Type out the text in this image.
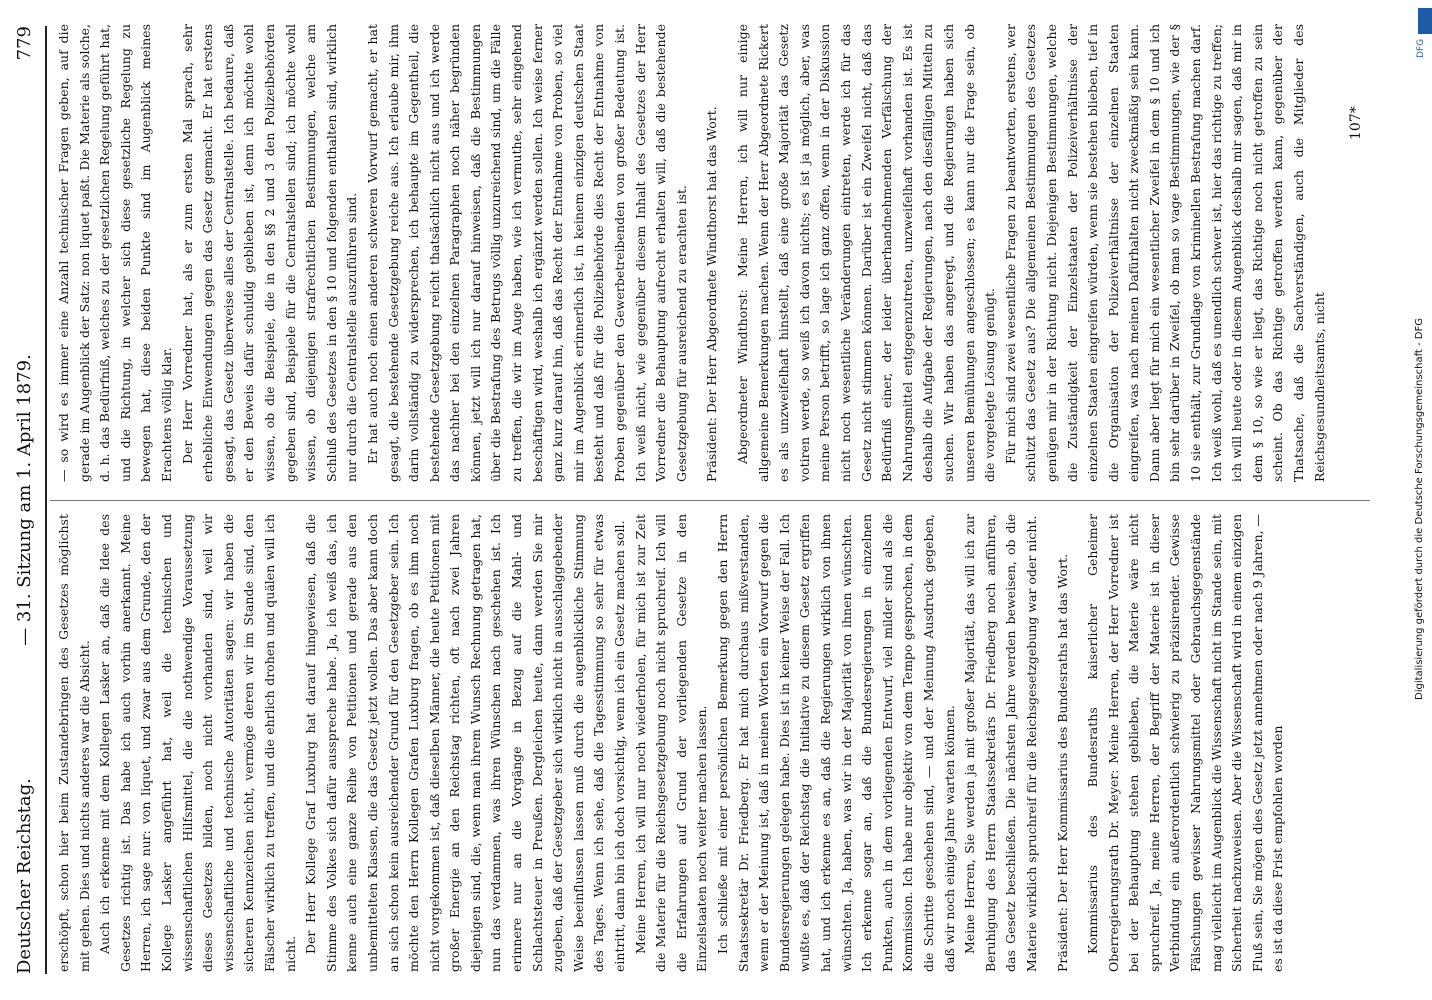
Deutscher Reichstag.
— 31. Sitzung am 1. April 1879.
779

erschöpft, schon hier beim Zustandebringen des Gesetzes möglichst mit gehen. Dies und nichts anderes war die Absicht. Auch ich erkenne mit dem Kollegen Lasker an, daß die Idee des Gesetzes richtig ist. Das habe ich auch vorhin anerkannt. Meine Herren, ich sage nur: von liquet, und zwar aus dem Grunde, den der Kollege Lasker angeführt hat, weil die technischen und wissenschaftlichen Hilfsmittel, die die nothwendige Voraussetzung dieses Gesetzes bilden, noch nicht vorhanden sind, weil wir wissenschaftliche und technische Autoritäten sagen: wir haben die sicheren Kennzeichen nicht, vermöge deren wir im Stande sind, den Fälscher wirklich zu treffen, und die ehrlich drohen und quälen will ich nicht. Der Herr Kollege Graf Luxburg hat darauf hingewiesen, daß die Stimme des Volkes sich dafür ausspreche habe. Ja, ich weiß das, ich kenne auch eine ganze Reihe von Petitionen und gerade aus den unbemittelten Klassen, die das Gesetz jetzt wollen. Das aber kann doch an sich schon kein ausreichender Grund für den Gesetzgeber sein. Ich möchte den Herrn Kollegen Grafen Luxburg fragen, ob es ihm noch nicht vorgekommen ist, daß dieselben Männer, die heute Petitionen mit großer Energie an den Reichstag richten, oft nach zwei Jahren diejenigen sind, die, wenn man ihrem Wunsch Rechnung getragen hat, nun das verdammen, was ihren Wünschen nach geschehen ist. Ich erinnere nur an die Vorgänge in Bezug auf die Mahl- und Schlachtsteuer in Preußen. Dergleichen heute, dann werden Sie mir zugeben, daß der Gesetzgeber sich wirklich nicht in ausschlaggebender Weise beeinflussen lassen muß durch die augenblickliche Stimmung des Tages. Wenn ich sehe, daß die Tagesstimmung so sehr für etwas eintritt, dann bin ich doch vorsichtig, wenn ich ein Gesetz machen soll. Meine Herren, ich will nur noch wiederholen, für mich ist zur Zeit die Materie für die Reichsgesetzgebung noch nicht spruchreif. Ich will die Erfahrungen auf Grund der vorliegenden Gesetze in den Einzelstaaten noch weiter machen lassen. Ich schließe mit einer persönlichen Bemerkung gegen den Herrn Staatssekretär Dr. Friedberg. Er hat mich durchaus mißverstanden, wenn er der Meinung ist, daß in meinen Worten ein Vorwurf gegen die Bundesregierungen gelegen habe. Dies ist in keiner Weise der Fall. Ich wußte es, daß der Reichstag die Initiative zu diesem Gesetz ergriffen hat, und ich erkenne es an, daß die Regierungen wirklich von ihnen wünschten. Ja, haben, was wir in der Majorität von ihnen wünschten. Ich erkenne sogar an, daß die Bundesregierungen in einzelnen Punkten, auch in dem vorliegenden Entwurf, viel milder sind als die Kommission. Ich habe nur objektiv von dem Tempo gesprochen, in dem die Schritte geschehen sind, — und der Meinung Ausdruck gegeben, daß wir noch einige Jahre warten können. Meine Herren, Sie werden ja mit großer Majorität, das will ich zur Beruhigung des Herrn Staatssekretärs Dr. Friedberg noch anführen, das Gesetz beschließen. Die nächsten Jahre werden beweisen, ob die Materie wirklich spruchreif für die Reichsgesetzgebung war oder nicht. Präsident: Der Herr Kommissarius des Bundesraths hat das Wort. Kommissarius des Bundesraths kaiserlicher Geheimer Oberregierungsrath Dr. Meyer: Meine Herren, der Herr Vorredner ist bei der Behauptung stehen geblieben, die Materie wäre nicht spruchreif. Ja, meine Herren, der Begriff der Materie ist in dieser Verbindung ein außerordentlich schwierig zu präzisirender. Gewisse Fälschungen gewisser Nahrungsmittel oder Gebrauchsgegenstände mag vielleicht im Augenblick die Wissenschaft nicht im Stande sein, mit Sicherheit nachzuweisen. Aber die Wissenschaft wird in einem einzigen Fluß sein, Sie mögen dies Gesetz jetzt annehmen oder nach 9 Jahren, — es ist da diese Frist empfohlen worden

— so wird es immer eine Anzahl technischer Fragen geben, auf die gerade im Augenblick der Satz: non liquet paßt. Die Materie als solche, d. h. das Bedürfniß, welches zu der gesetzlichen Regelung geführt hat, und die Richtung, in welcher sich diese gesetzliche Regelung zu bewegen hat, diese beiden Punkte sind im Augenblick meines Erachtens völlig klar. Der Herr Vorredner hat, als er zum ersten Mal sprach, sehr erhebliche Einwendungen gegen das Gesetz gemacht. Er hat erstens gesagt, das Gesetz überweise alles der Centralstelle. Ich bedaure, daß er den Beweis dafür schuldig geblieben ist, denn ich möchte wohl wissen, ob die Beispiele, die in den §§ 2 und 3 den Polizeibehörden gegeben sind, Beispiele für die Centralstellen sind; ich möchte wohl wissen, ob diejenigen strafrechtlichen Bestimmungen, welche am Schluß des Gesetzes in den § 10 und folgenden enthalten sind, wirklich nur durch die Centralstelle auszuführen sind. Er hat auch noch einen anderen schweren Vorwurf gemacht, er hat gesagt, die bestehende Gesetzgebung reiche aus. Ich erlaube mir, ihm darin vollständig zu widersprechen, ich behaupte im Gegentheil, die bestehende Gesetzgebung reicht thatsächlich nicht aus und ich werde das nachher bei den einzelnen Paragraphen noch näher begründen können, jetzt will ich nur darauf hinweisen, daß die Bestimmungen über die Bestrafung des Betrugs völlig unzureichend sind, um die Fälle zu treffen, die wir im Auge haben, wie ich vermuthe, sehr eingehend beschäftigen wird, weshalb ich ergänzt werden sollen. Ich weise ferner ganz kurz darauf hin, daß das Recht der Entnahme von Proben, so viel mir im Augenblick erinnerlich ist, in keinem einzigen deutschen Staat besteht und daß für die Polizeibehörde dies Recht der Entnahme von Proben gegenüber den Gewerbetreibenden von großer Bedeutung ist. Ich weiß nicht, wie gegenüber diesem Inhalt des Gesetzes der Herr Vorredner die Behauptung aufrecht erhalten will, daß die bestehende Gesetzgebung für ausreichend zu erachten ist. Präsident: Der Herr Abgeordnete Windthorst hat das Wort. Abgeordneter Windthorst: Meine Herren, ich will nur einige allgemeine Bemerkungen machen. Wenn der Herr Abgeordnete Rickert es als unzweifelhaft hinstellt, daß eine große Majorität das Gesetz votiren werde, so weiß ich davon nichts; es ist ja möglich, aber, was meine Person betrifft, so lage ich ganz offen, wenn in der Diskussion nicht noch wesentliche Veränderungen eintreten, werde ich für das Gesetz nicht stimmen können. Darüber ist ein Zweifel nicht, daß das Bedürfniß einer, der leider überhandnehmenden Verfälschung der Nahrungsmittel entgegenzutreten, unzweifelhaft vorhanden ist. Es ist deshalb die Aufgabe der Regierungen, nach den diesfälligen Mitteln zu suchen. Wir haben das angeregt, und die Regierungen haben sich unseren Bemühungen angeschlossen; es kann nur die Frage sein, ob die vorgelegte Lösung genügt. Für mich sind zwei wesentliche Fragen zu beantworten, erstens, wer schützt das Gesetz aus? Die allgemeinen Bestimmungen des Gesetzes genügen mir in der Richtung nicht. Diejenigen Bestimmungen, welche die Zuständigkeit der Einzelstaaten der Polizeiverhältnisse der einzelnen Staaten eingreifen würden, wenn sie bestehen blieben, tief in die Organisation der Polizeiverhältnisse der einzelnen Staaten eingreifen, was nach meinen Dafürhalten nicht zweckmäßig sein kann. Dann aber liegt für mich ein wesentlicher Zweifel in dem § 10 und ich bin sehr darüber in Zweifel, ob man so vage Bestimmungen, wie der § 10 sie enthält, zur Grundlage von kriminellen Bestrafung machen darf. Ich weiß wohl, daß es unendlich schwer ist, hier das richtige zu treffen; ich will heute oder in diesem Augenblick deshalb mir sagen, daß mir in dem § 10, so wie er liegt, das Richtige noch nicht getroffen zu sein scheint. Ob das Richtige getroffen werden kann, gegenüber der Thatsache, daß die Sachverständigen, auch die Mitglieder des Reichsgesundheitsamts, nicht

107*
DFG
Digitalisierung gefördert durch die Deutsche Forschungsgemeinschaft - DFG
